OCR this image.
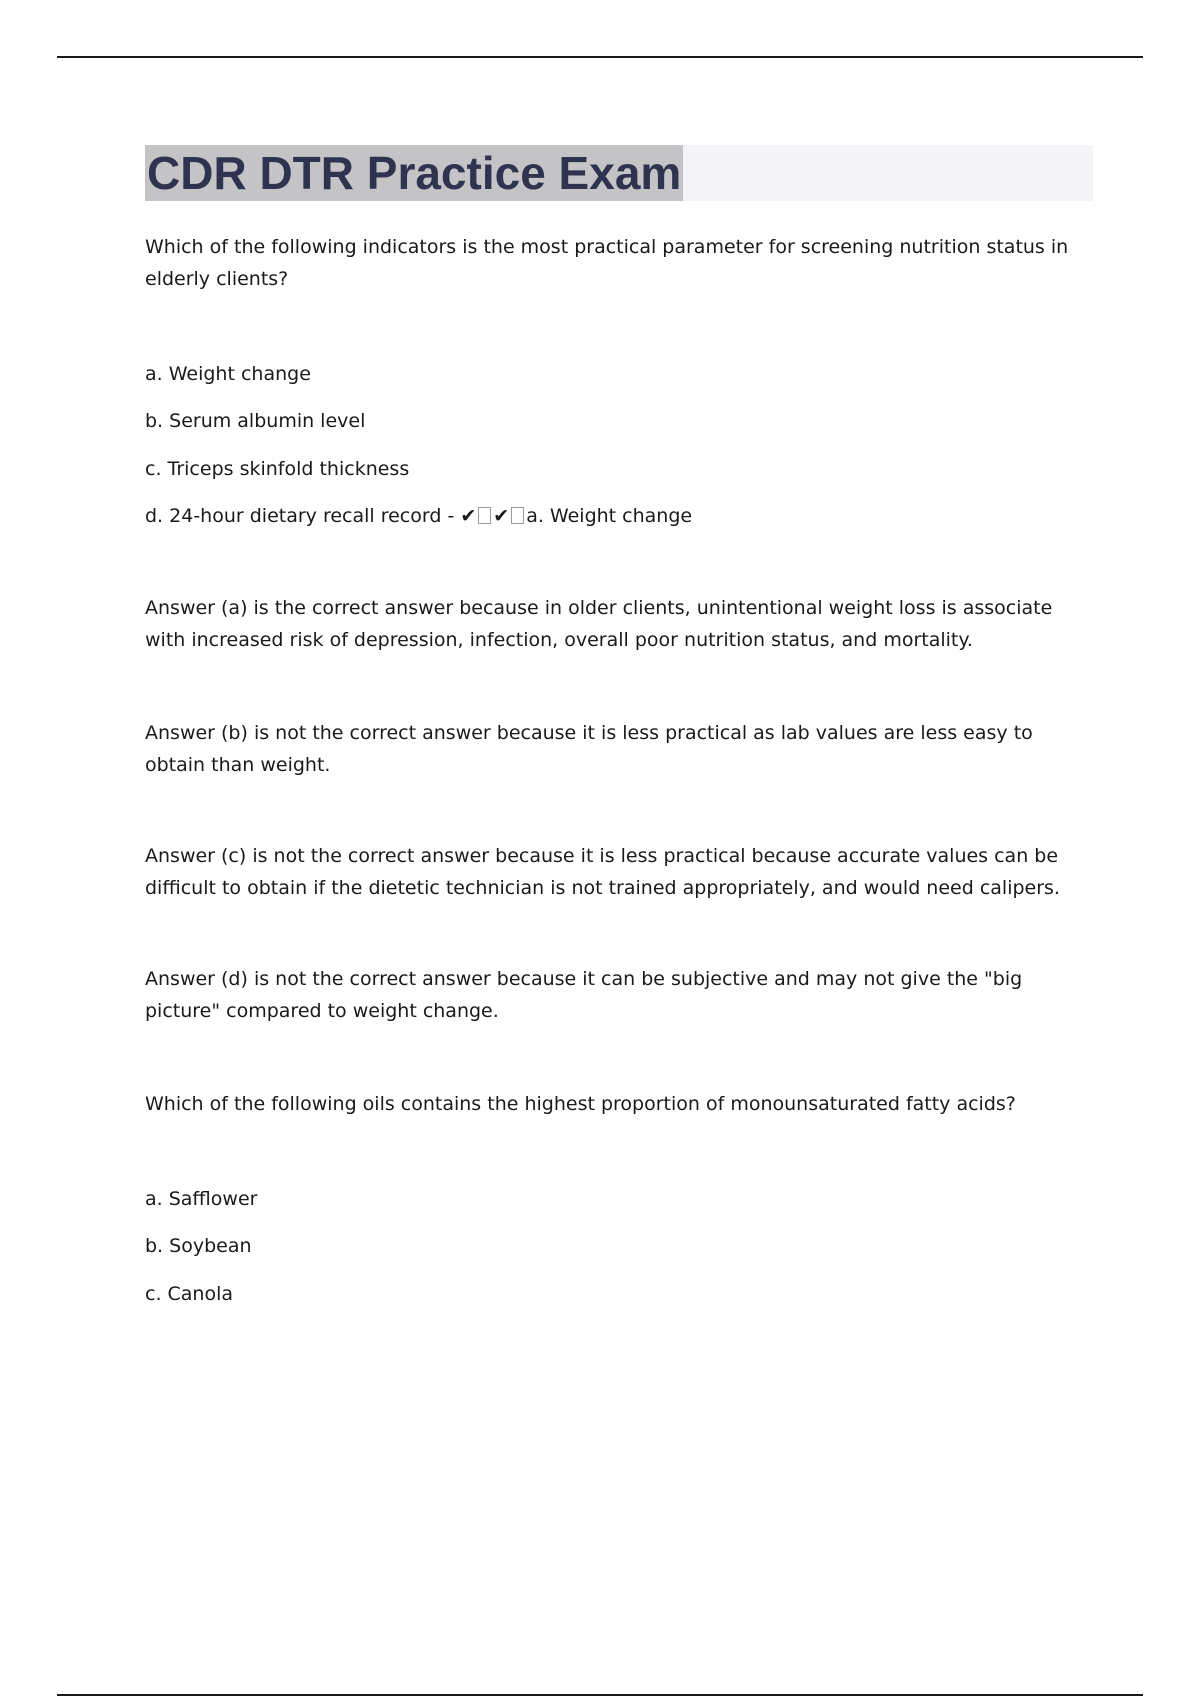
CDR DTR Practice Exam

Which of the following indicators is the most practical parameter for screening nutrition status in elderly clients?

a. Weight change

b. Serum albumin level

c. Triceps skinfold thickness

d. 24-hour dietary recall record - ✔ ✔ a. Weight change

Answer (a) is the correct answer because in older clients, unintentional weight loss is associate with increased risk of depression, infection, overall poor nutrition status, and mortality.

Answer (b) is not the correct answer because it is less practical as lab values are less easy to obtain than weight.

Answer (c) is not the correct answer because it is less practical because accurate values can be difficult to obtain if the dietetic technician is not trained appropriately, and would need calipers.

Answer (d) is not the correct answer because it can be subjective and may not give the "big picture" compared to weight change.

Which of the following oils contains the highest proportion of monounsaturated fatty acids?

a. Safflower

b. Soybean

c. Canola
